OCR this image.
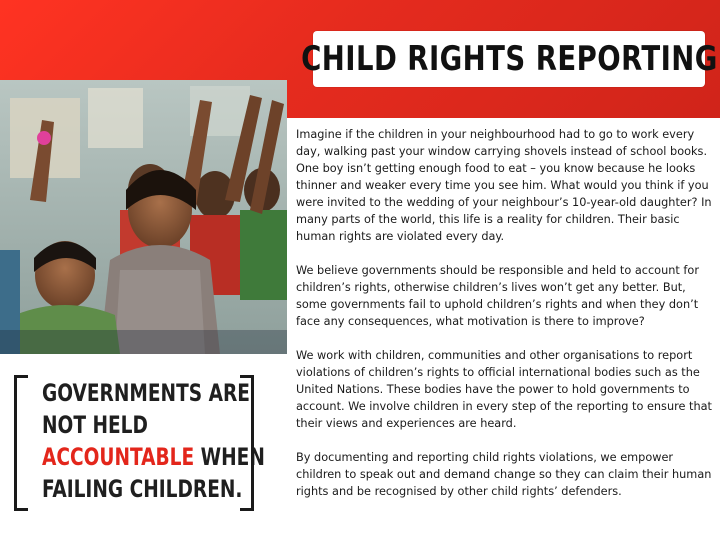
CHILD RIGHTS REPORTING
GOVERNMENTS ARE
NOT HELD
ACCOUNTABLE WHEN
FAILING CHILDREN.

Imagine if the children in your neighbourhood had to go to work every day, walking past your window carrying shovels instead of school books. One boy isn’t getting enough food to eat – you know because he looks thinner and weaker every time you see him. What would you think if you were invited to the wedding of your neighbour’s 10-year-old daughter? In many parts of the world, this life is a reality for children. Their basic human rights are violated every day.

We believe governments should be responsible and held to account for children’s rights, otherwise children’s lives won’t get any better. But, some governments fail to uphold children’s rights and when they don’t face any consequences, what motivation is there to improve?

We work with children, communities and other organisations to report violations of children’s rights to official international bodies such as the United Nations. These bodies have the power to hold governments to account. We involve children in every step of the reporting to ensure that their views and experiences are heard.

By documenting and reporting child rights violations, we empower children to speak out and demand change so they can claim their human rights and be recognised by other child rights’ defenders.
